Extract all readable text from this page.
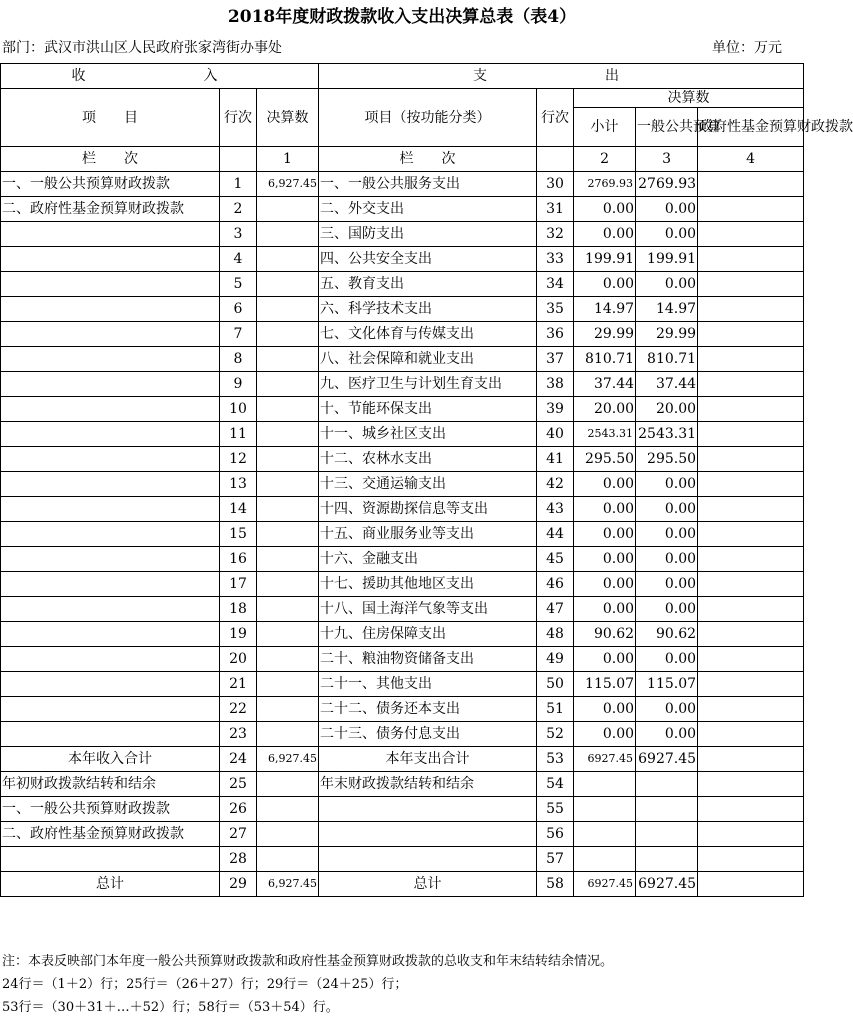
2018年度财政拨款收入支出决算总表（表4）
部门：武汉市洪山区人民政府张家湾街办事处	单位：万元
收　　入			支　　出				
项　　目	行次	决算数	项目（按功能分类）	行次	决算数		
					小计	一般公共预算	政府性基金预算财政拨款
栏　　次		1	栏　　次		2	3	4
一、一般公共预算财政拨款	1	6,927.45	一、一般公共服务支出	30	2769.93	2769.93	
二、政府性基金预算财政拨款	2		二、外交支出	31	0.00	0.00	
	3		三、国防支出	32	0.00	0.00	
	4		四、公共安全支出	33	199.91	199.91	
	5		五、教育支出	34	0.00	0.00	
	6		六、科学技术支出	35	14.97	14.97	
	7		七、文化体育与传媒支出	36	29.99	29.99	
	8		八、社会保障和就业支出	37	810.71	810.71	
	9		九、医疗卫生与计划生育支出	38	37.44	37.44	
	10		十、节能环保支出	39	20.00	20.00	
	11		十一、城乡社区支出	40	2543.31	2543.31	
	12		十二、农林水支出	41	295.50	295.50	
	13		十三、交通运输支出	42	0.00	0.00	
	14		十四、资源勘探信息等支出	43	0.00	0.00	
	15		十五、商业服务业等支出	44	0.00	0.00	
	16		十六、金融支出	45	0.00	0.00	
	17		十七、援助其他地区支出	46	0.00	0.00	
	18		十八、国土海洋气象等支出	47	0.00	0.00	
	19		十九、住房保障支出	48	90.62	90.62	
	20		二十、粮油物资储备支出	49	0.00	0.00	
	21		二十一、其他支出	50	115.07	115.07	
	22		二十二、债务还本支出	51	0.00	0.00	
	23		二十三、债务付息支出	52	0.00	0.00	
本年收入合计	24	6,927.45	本年支出合计	53	6927.45	6927.45	
年初财政拨款结转和结余	25		年末财政拨款结转和结余	54			
一、一般公共预算财政拨款	26			55			
二、政府性基金预算财政拨款	27			56			
	28			57			
总计	29	6,927.45	总计	58	6927.45	6927.45	
注：本表反映部门本年度一般公共预算财政拨款和政府性基金预算财政拨款的总收支和年末结转结余情况。
24行＝（1＋2）行；25行＝（26＋27）行；29行＝（24＋25）行；
53行＝（30＋31＋…＋52）行；58行＝（53＋54）行。
